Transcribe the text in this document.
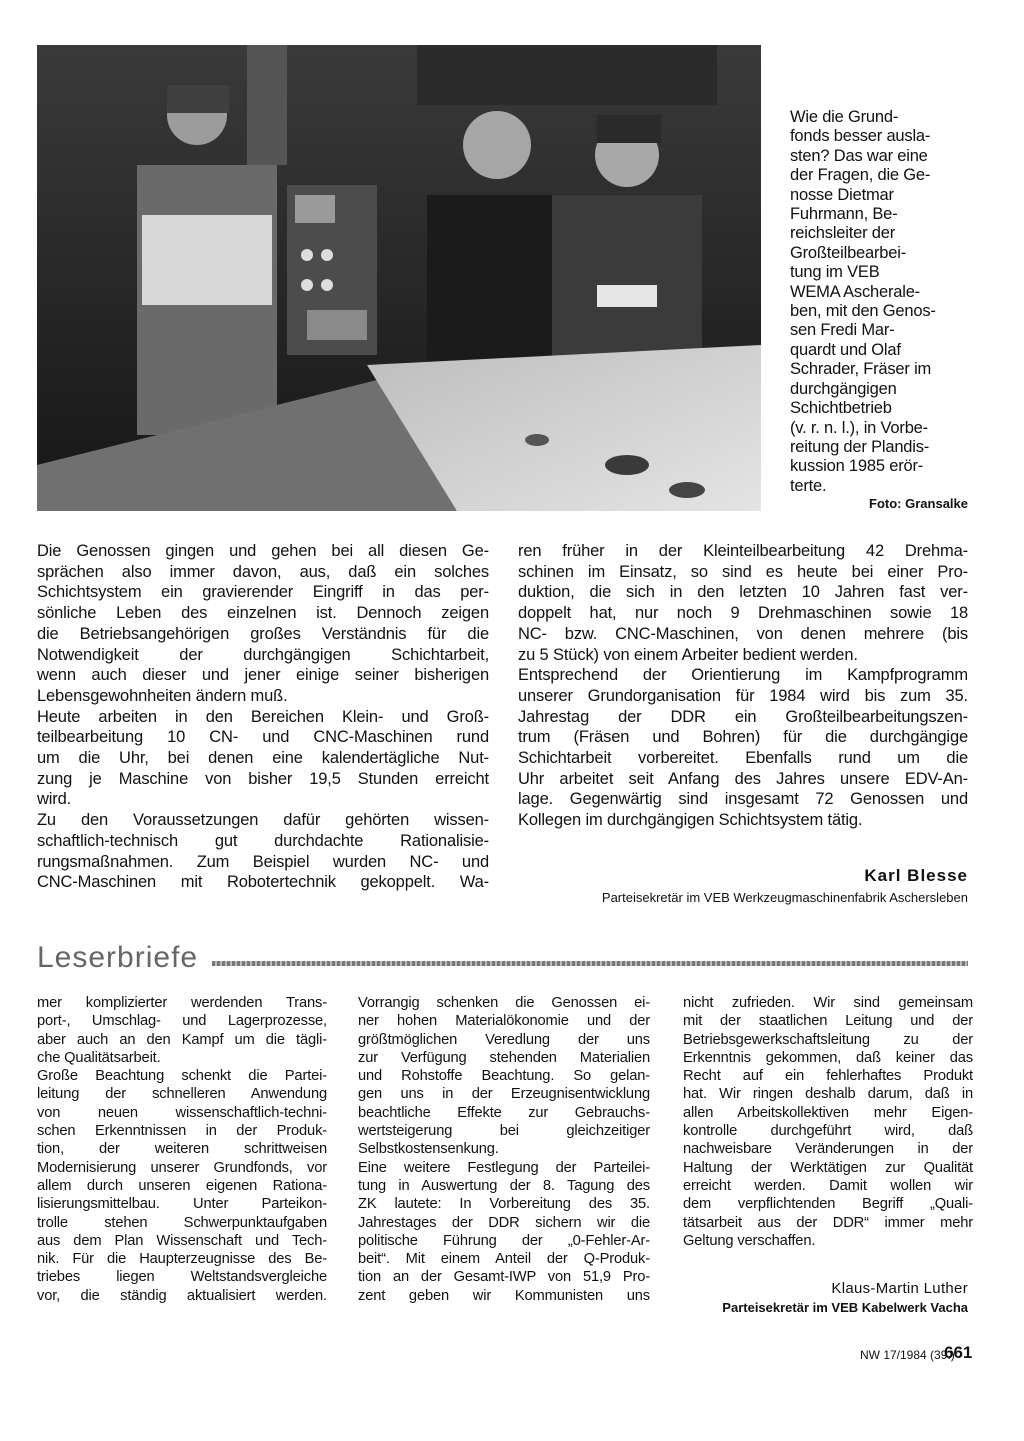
Wie die Grund-
fonds besser ausla-
sten? Das war eine
der Fragen, die Ge-
nosse Dietmar
Fuhrmann, Be-
reichsleiter der
Großteilbearbei-
tung im VEB
WEMA Ascherale-
ben, mit den Genos-
sen Fredi Mar-
quardt und Olaf
Schrader, Fräser im
durchgängigen
Schichtbetrieb
(v. r. n. l.), in Vorbe-
reitung der Plandis-
kussion 1985 erör-
terte.
Foto: Gransalke
Die Genossen gingen und gehen bei all diesen Ge-
sprächen also immer davon, aus, daß ein solches
Schichtsystem ein gravierender Eingriff in das per-
sönliche Leben des einzelnen ist. Dennoch zeigen
die Betriebsangehörigen großes Verständnis für die
Notwendigkeit der durchgängigen Schichtarbeit,
wenn auch dieser und jener einige seiner bisherigen
Lebensgewohnheiten ändern muß.
Heute arbeiten in den Bereichen Klein- und Groß-
teilbearbeitung 10 CN- und CNC-Maschinen rund
um die Uhr, bei denen eine kalendertägliche Nut-
zung je Maschine von bisher 19,5 Stunden erreicht
wird.
Zu den Voraussetzungen dafür gehörten wissen-
schaftlich-technisch gut durchdachte Rationalisie-
rungsmaßnahmen. Zum Beispiel wurden NC- und
CNC-Maschinen mit Robotertechnik gekoppelt. Wa-
ren früher in der Kleinteilbearbeitung 42 Drehma-
schinen im Einsatz, so sind es heute bei einer Pro-
duktion, die sich in den letzten 10 Jahren fast ver-
doppelt hat, nur noch 9 Drehmaschinen sowie 18
NC- bzw. CNC-Maschinen, von denen mehrere (bis
zu 5 Stück) von einem Arbeiter bedient werden.
Entsprechend der Orientierung im Kampfprogramm
unserer Grundorganisation für 1984 wird bis zum 35.
Jahrestag der DDR ein Großteilbearbeitungszen-
trum (Fräsen und Bohren) für die durchgängige
Schichtarbeit vorbereitet. Ebenfalls rund um die
Uhr arbeitet seit Anfang des Jahres unsere EDV-An-
lage. Gegenwärtig sind insgesamt 72 Genossen und
Kollegen im durchgängigen Schichtsystem tätig.
Karl Blesse
Parteisekretär im VEB Werkzeugmaschinenfabrik Aschersleben
Leserbriefe
mer komplizierter werdenden Trans-
port-, Umschlag- und Lagerprozesse,
aber auch an den Kampf um die tägli-
che Qualitätsarbeit.
Große Beachtung schenkt die Partei-
leitung der schnelleren Anwendung
von neuen wissenschaftlich-techni-
schen Erkenntnissen in der Produk-
tion, der weiteren schrittweisen
Modernisierung unserer Grundfonds, vor
allem durch unseren eigenen Rationa-
lisierungsmittelbau. Unter Parteikon-
trolle stehen Schwerpunktaufgaben
aus dem Plan Wissenschaft und Tech-
nik. Für die Haupterzeugnisse des Be-
triebes liegen Weltstandsvergleiche
vor, die ständig aktualisiert werden.
Vorrangig schenken die Genossen ei-
ner hohen Materialökonomie und der
größtmöglichen Veredlung der uns
zur Verfügung stehenden Materialien
und Rohstoffe Beachtung. So gelan-
gen uns in der Erzeugnisentwicklung
beachtliche Effekte zur Gebrauchs-
wertsteigerung bei gleichzeitiger
Selbstkostensenkung.
Eine weitere Festlegung der Parteilei-
tung in Auswertung der 8. Tagung des
ZK lautete: In Vorbereitung des 35.
Jahrestages der DDR sichern wir die
politische Führung der „0-Fehler-Ar-
beit“. Mit einem Anteil der Q-Produk-
tion an der Gesamt-IWP von 51,9 Pro-
zent geben wir Kommunisten uns
nicht zufrieden. Wir sind gemeinsam
mit der staatlichen Leitung und der
Betriebsgewerkschaftsleitung zu der
Erkenntnis gekommen, daß keiner das
Recht auf ein fehlerhaftes Produkt
hat. Wir ringen deshalb darum, daß in
allen Arbeitskollektiven mehr Eigen-
kontrolle durchgeführt wird, daß
nachweisbare Veränderungen in der
Haltung der Werktätigen zur Qualität
erreicht werden. Damit wollen wir
dem verpflichtenden Begriff „Quali-
tätsarbeit aus der DDR“ immer mehr
Geltung verschaffen.
Klaus-Martin Luther
Parteisekretär im VEB Kabelwerk Vacha
NW 17/1984 (39.)
661
